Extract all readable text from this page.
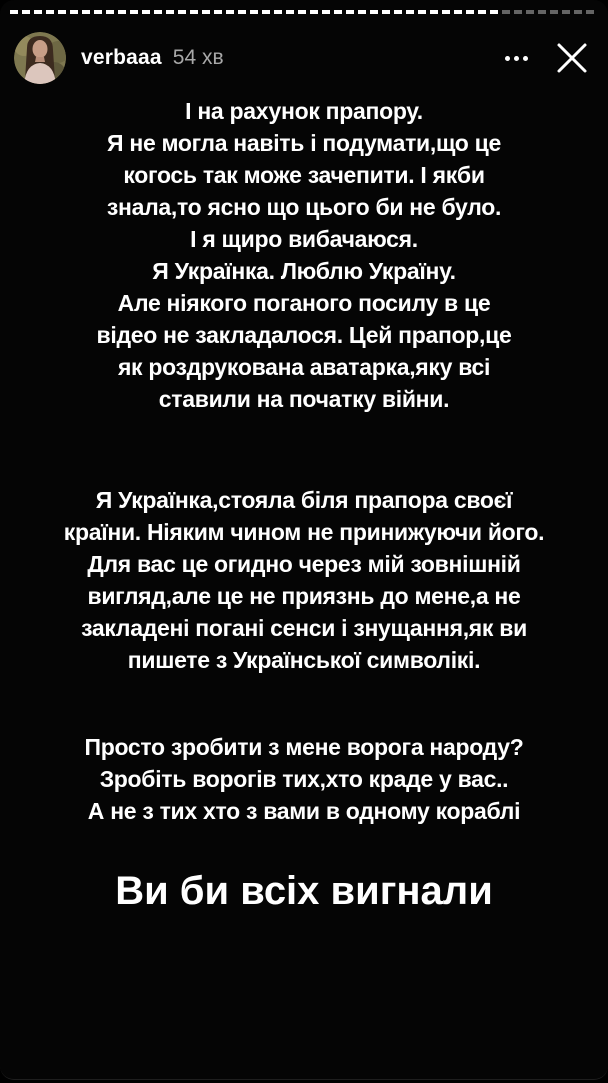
verbaaa 54 хв
І на рахунок прапору.
Я не могла навіть і подумати,що це
когось так може зачепити. І якби
знала,то ясно що цього би не було.
І я щиро вибачаюся.
Я Українка. Люблю Україну.
Але ніякого поганого посилу в це
відео не закладалося. Цей прапор,це
як роздрукована аватарка,яку всі
ставили на початку війни.
Я Українка,стояла біля прапора своєї
країни. Ніяким чином не принижуючи його.
Для вас це огидно через мій зовнішній
вигляд,але це не приязнь до мене,а не
закладені погані сенси і знущання,як ви
пишете з Української символікі.
Просто зробити з мене ворога народу?
Зробіть ворогів тих,хто краде у вас..
А не з тих хто з вами в одному кораблі
Ви би всіх вигнали
